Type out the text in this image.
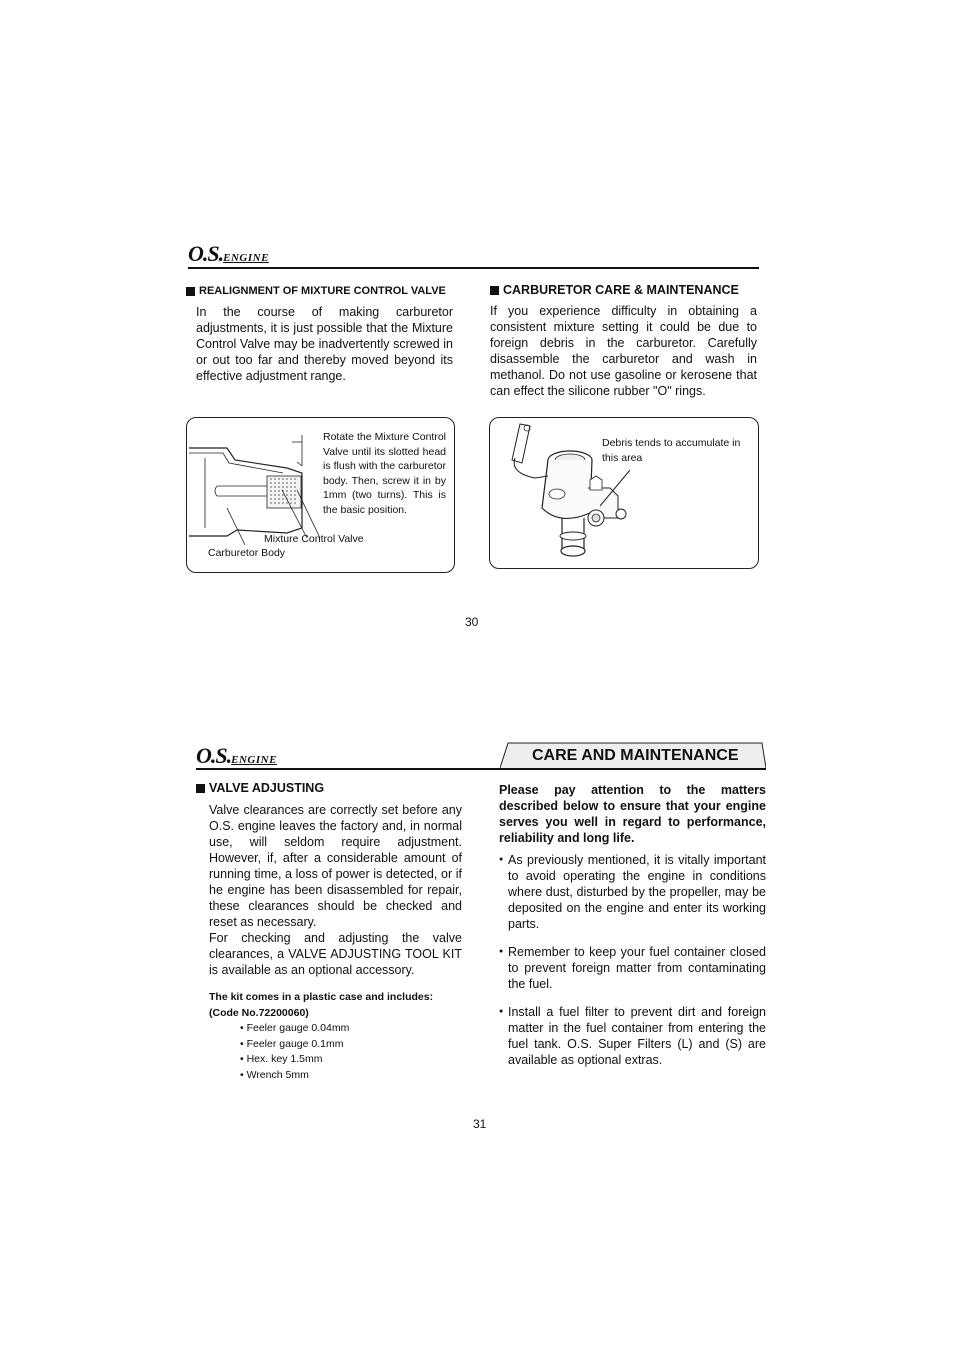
O.S.ENGINE
REALIGNMENT OF MIXTURE CONTROL VALVE
In the course of making carburetor adjustments, it is just possible that the Mixture Control Valve may be inadvertently screwed in or out too far and thereby moved beyond its effective adjustment range.
Rotate the Mixture Control Valve until its slotted head is flush with the carburetor body. Then, screw it in by 1mm (two turns). This is the basic position.
Mixture Control Valve
Carburetor Body
CARBURETOR CARE & MAINTENANCE
If you experience difficulty in obtaining a consistent mixture setting it could be due to foreign debris in the carburetor. Carefully disassemble the carburetor and wash in methanol. Do not use gasoline or kerosene that can effect the silicone rubber "O" rings.
Debris tends to accumulate in this area
30
O.S.ENGINE	CARE AND MAINTENANCE
VALVE ADJUSTING
Valve clearances are correctly set before any O.S. engine leaves the factory and, in normal use, will seldom require adjustment. However, if, after a considerable amount of running time, a loss of power is detected, or if he engine has been disassembled for repair, these clearances should be checked and reset as necessary.
For checking and adjusting the valve clearances, a VALVE ADJUSTING TOOL KIT is available as an optional accessory.
The kit comes in a plastic case and includes: (Code No.72200060)
• Feeler gauge 0.04mm
• Feeler gauge 0.1mm
• Hex. key 1.5mm
• Wrench 5mm
Please pay attention to the matters described below to ensure that your engine serves you well in regard to performance, reliability and long life.
● As previously mentioned, it is vitally important to avoid operating the engine in conditions where dust, disturbed by the propeller, may be deposited on the engine and enter its working parts.
● Remember to keep your fuel container closed to prevent foreign matter from contaminating the fuel.
● Install a fuel filter to prevent dirt and foreign matter in the fuel container from entering the fuel tank. O.S. Super Filters (L) and (S) are available as optional extras.
31
